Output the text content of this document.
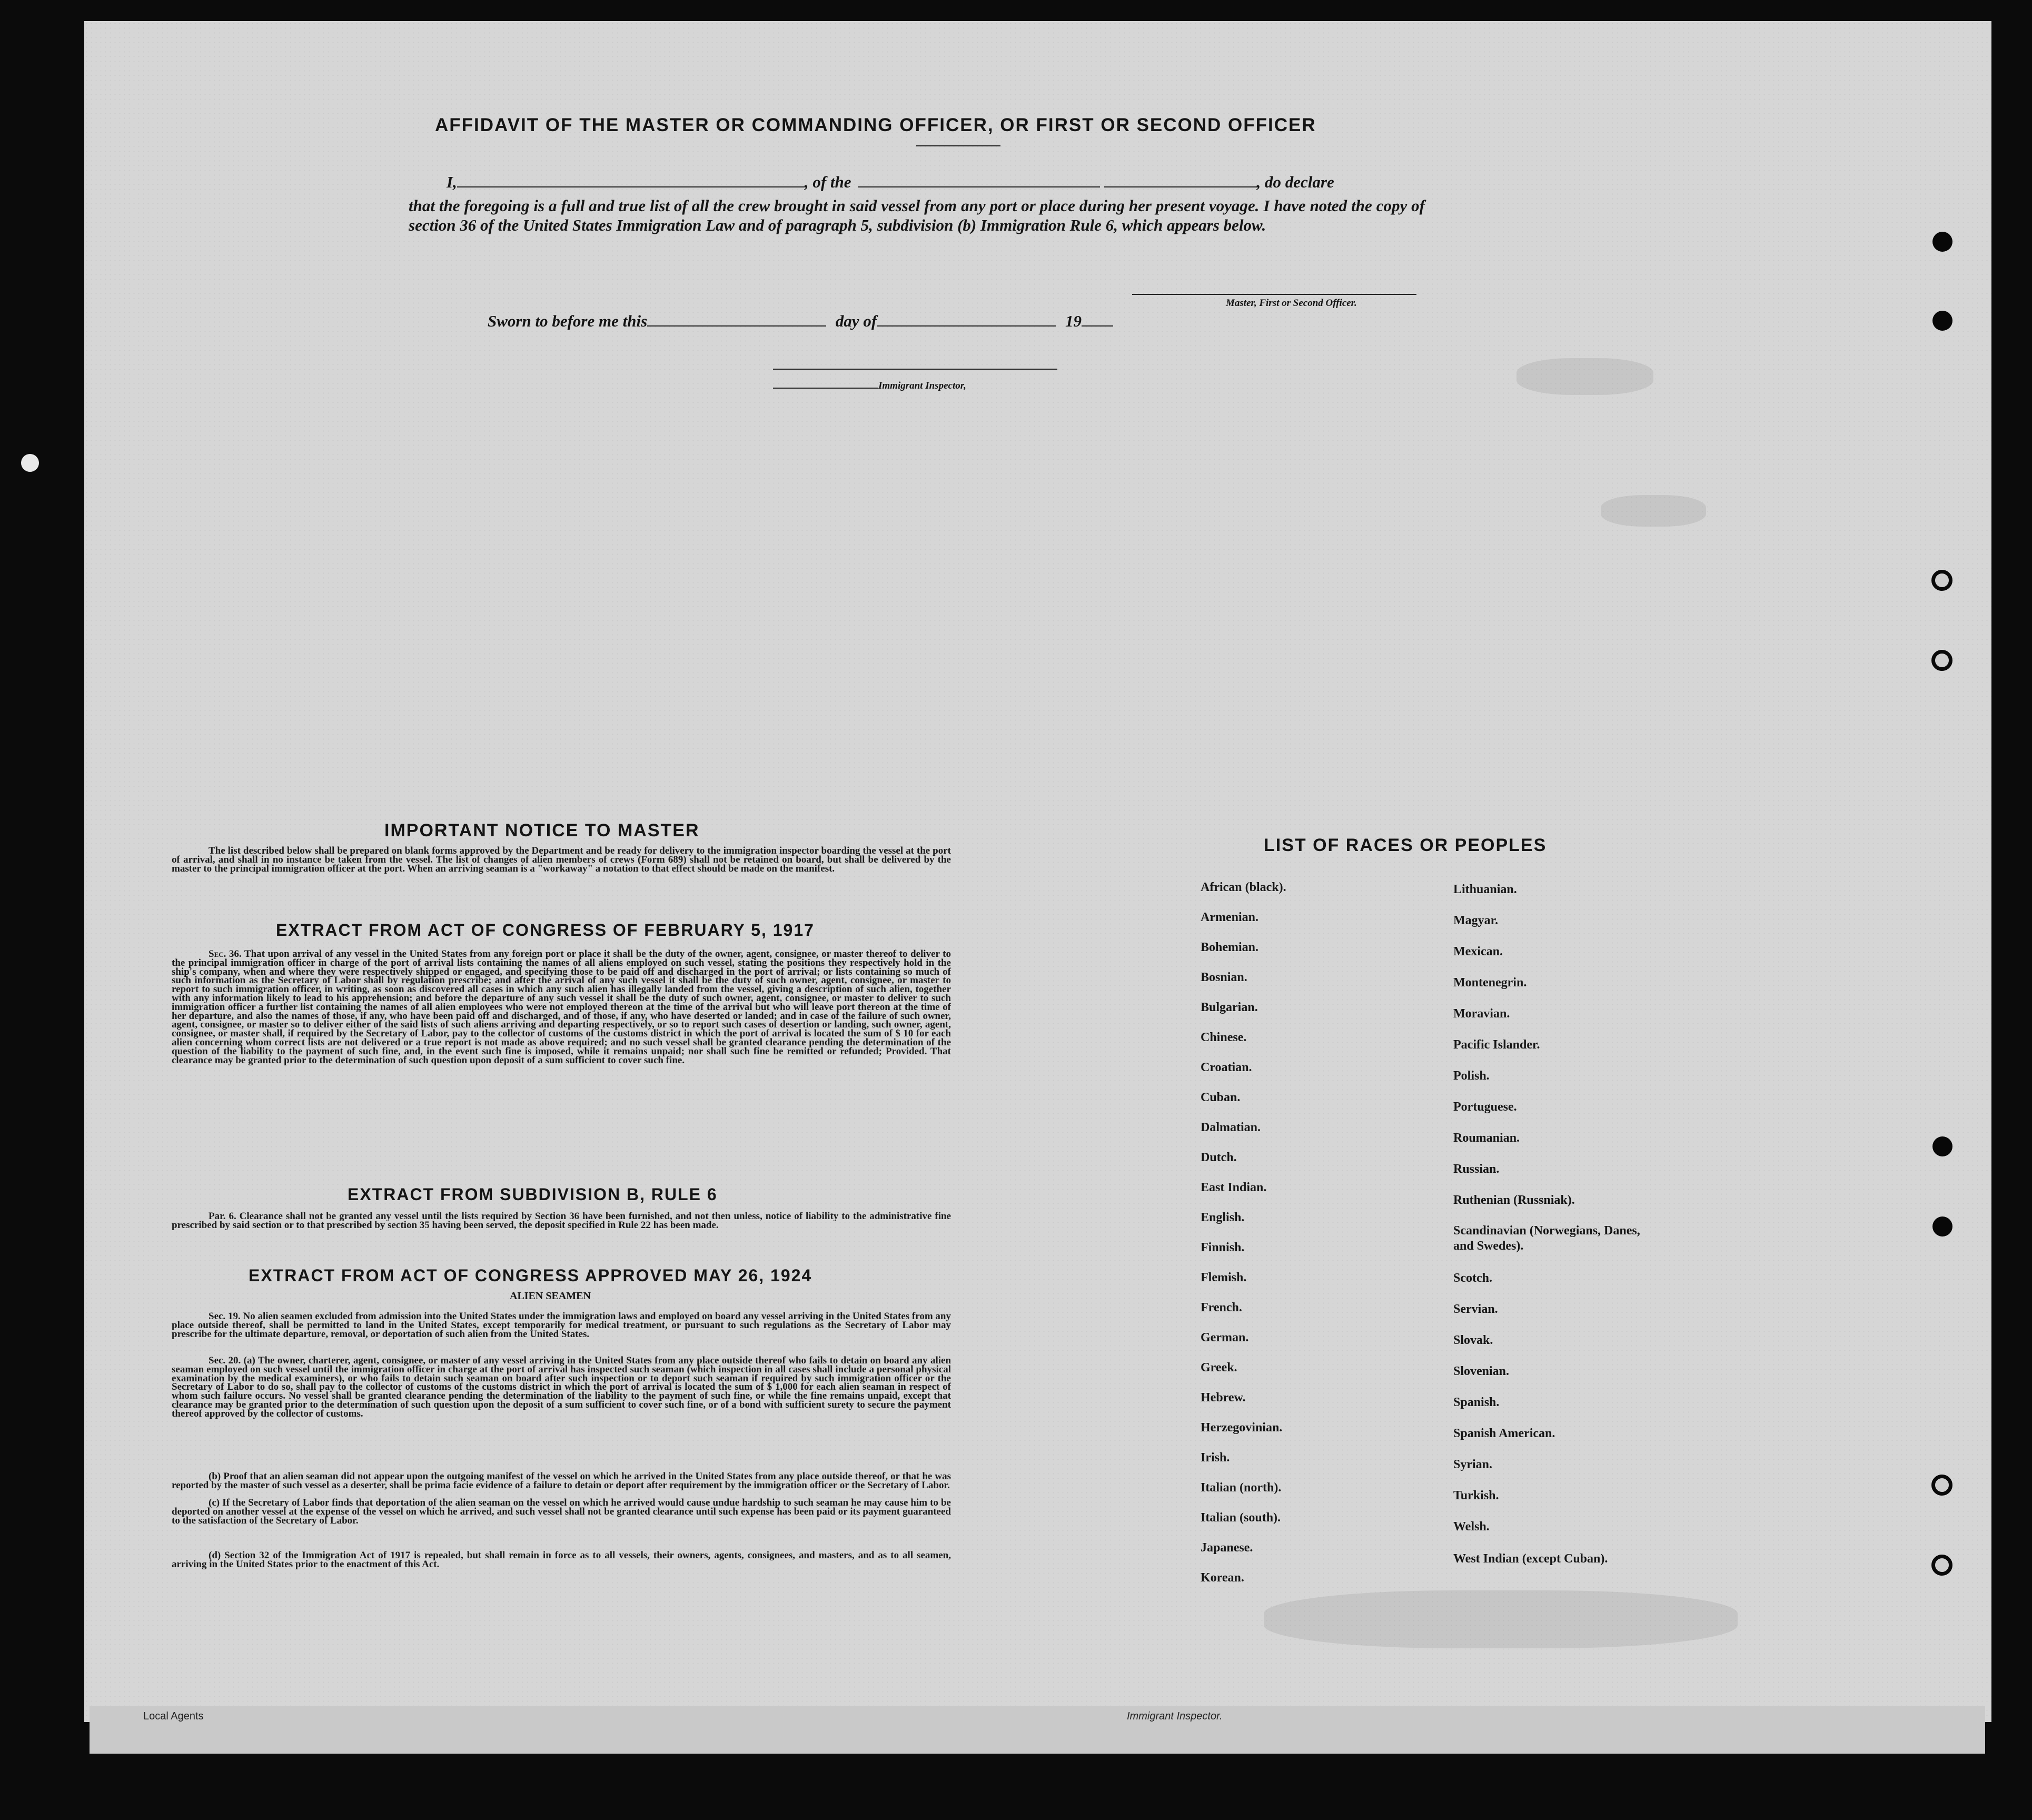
AFFIDAVIT OF THE MASTER OR COMMANDING OFFICER, OR FIRST OR SECOND OFFICER
I,	, of the	, do declare
that the foregoing is a full and true list of all the crew brought in said vessel from any port or place during her present voyage. I have noted the copy of section 36 of the United States Immigration Law and of paragraph 5, subdivision (b) Immigration Rule 6, which appears below.
Master, First or Second Officer.
Sworn to before me this	day of	19
Immigrant Inspector,
IMPORTANT NOTICE TO MASTER
The list described below shall be prepared on blank forms approved by the Department and be ready for delivery to the immigration inspector boarding the vessel at the port of arrival, and shall in no instance be taken from the vessel. The list of changes of alien members of crews (Form 689) shall not be retained on board, but shall be delivered by the master to the principal immigration officer at the port. When an arriving seaman is a "workaway" a notation to that effect should be made on the manifest.
EXTRACT FROM ACT OF CONGRESS OF FEBRUARY 5, 1917
Sec. 36. That upon arrival of any vessel in the United States from any foreign port or place it shall be the duty of the owner, agent, consignee, or master thereof to deliver to the principal immigration officer in charge of the port of arrival lists containing the names of all aliens employed on such vessel, stating the positions they respectively hold in the ship's company, when and where they were respectively shipped or engaged, and specifying those to be paid off and discharged in the port of arrival; or lists containing so much of such information as the Secretary of Labor shall by regulation prescribe; and after the arrival of any such vessel it shall be the duty of such owner, agent, consignee, or master to report to such immigration officer, in writing, as soon as discovered all cases in which any such alien has illegally landed from the vessel, giving a description of such alien, together with any information likely to lead to his apprehension; and before the departure of any such vessel it shall be the duty of such owner, agent, consignee, or master to deliver to such immigration officer a further list containing the names of all alien employees who were not employed thereon at the time of the arrival but who will leave port thereon at the time of her departure, and also the names of those, if any, who have been paid off and discharged, and of those, if any, who have deserted or landed; and in case of the failure of such owner, agent, consignee, or master so to deliver either of the said lists of such aliens arriving and departing respectively, or so to report such cases of desertion or landing, such owner, agent, consignee, or master shall, if required by the Secretary of Labor, pay to the collector of customs of the customs district in which the port of arrival is located the sum of $ 10 for each alien concerning whom correct lists are not delivered or a true report is not made as above required; and no such vessel shall be granted clearance pending the determination of the question of the liability to the payment of such fine, and, in the event such fine is imposed, while it remains unpaid; nor shall such fine be remitted or refunded; Provided. That clearance may be granted prior to the determination of such question upon deposit of a sum sufficient to cover such fine.
EXTRACT FROM SUBDIVISION B, RULE 6
Par. 6. Clearance shall not be granted any vessel until the lists required by Section 36 have been furnished, and not then unless, notice of liability to the administrative fine prescribed by said section or to that prescribed by section 35 having been served, the deposit specified in Rule 22 has been made.
EXTRACT FROM ACT OF CONGRESS APPROVED MAY 26, 1924
ALIEN SEAMEN
Sec. 19. No alien seamen excluded from admission into the United States under the immigration laws and employed on board any vessel arriving in the United States from any place outside thereof, shall be permitted to land in the United States, except temporarily for medical treatment, or pursuant to such regulations as the Secretary of Labor may prescribe for the ultimate departure, removal, or deportation of such alien from the United States.
Sec. 20. (a) The owner, charterer, agent, consignee, or master of any vessel arriving in the United States from any place outside thereof who fails to detain on board any alien seaman employed on such vessel until the immigration officer in charge at the port of arrival has inspected such seaman (which inspection in all cases shall include a personal physical examination by the medical examiners), or who fails to detain such seaman on board after such inspection or to deport such seaman if required by such immigration officer or the Secretary of Labor to do so, shall pay to the collector of customs of the customs district in which the port of arrival is located the sum of $ 1,000 for each alien seaman in respect of whom such failure occurs. No vessel shall be granted clearance pending the determination of the liability to the payment of such fine, or while the fine remains unpaid, except that clearance may be granted prior to the determination of such question upon the deposit of a sum sufficient to cover such fine, or of a bond with sufficient surety to secure the payment thereof approved by the collector of customs.
(b) Proof that an alien seaman did not appear upon the outgoing manifest of the vessel on which he arrived in the United States from any place outside thereof, or that he was reported by the master of such vessel as a deserter, shall be prima facie evidence of a failure to detain or deport after requirement by the immigration officer or the Secretary of Labor.
(c) If the Secretary of Labor finds that deportation of the alien seaman on the vessel on which he arrived would cause undue hardship to such seaman he may cause him to be deported on another vessel at the expense of the vessel on which he arrived, and such vessel shall not be granted clearance until such expense has been paid or its payment guaranteed to the satisfaction of the Secretary of Labor.
(d) Section 32 of the Immigration Act of 1917 is repealed, but shall remain in force as to all vessels, their owners, agents, consignees, and masters, and as to all seamen, arriving in the United States prior to the enactment of this Act.
LIST OF RACES OR PEOPLES
African (black).
Armenian.
Bohemian.
Bosnian.
Bulgarian.
Chinese.
Croatian.
Cuban.
Dalmatian.
Dutch.
East Indian.
English.
Finnish.
Flemish.
French.
German.
Greek.
Hebrew.
Herzegovinian.
Irish.
Italian (north).
Italian (south).
Japanese.
Korean.
Lithuanian.
Magyar.
Mexican.
Montenegrin.
Moravian.
Pacific Islander.
Polish.
Portuguese.
Roumanian.
Russian.
Ruthenian (Russniak).
Scandinavian (Norwegians, Danes, and Swedes).
Scotch.
Servian.
Slovak.
Slovenian.
Spanish.
Spanish American.
Syrian.
Turkish.
Welsh.
West Indian (except Cuban).
Local Agents	Immigrant Inspector.
